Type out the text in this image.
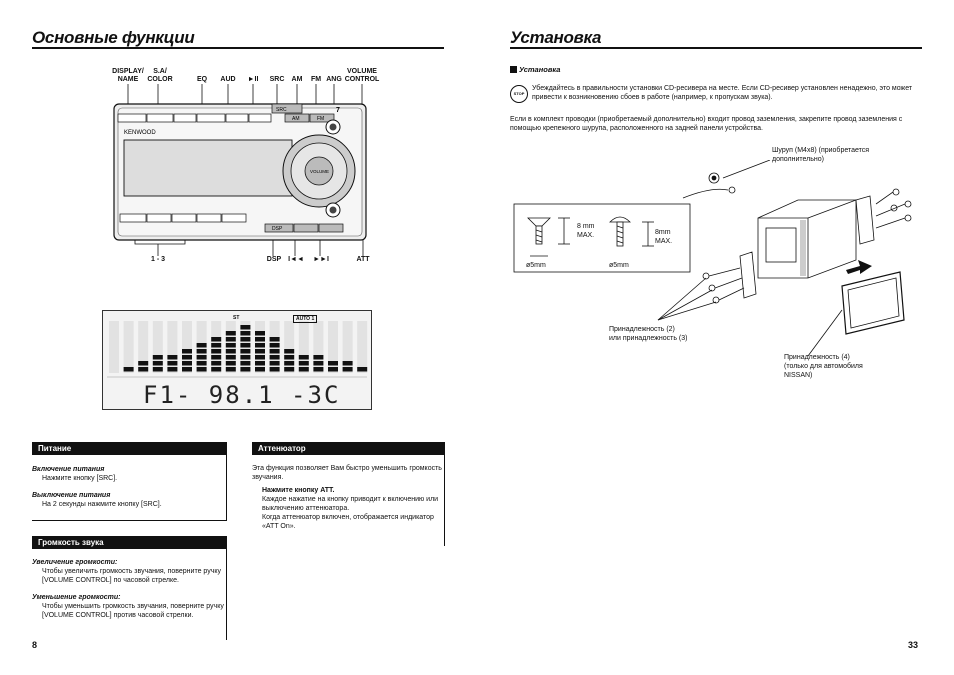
Основные функции
DISPLAY/
NAME
S.A/
COLOR	EQ	AUD	►II	SRC	AM	FM ANG
VOLUME
CONTROL
1 - 3	DSP I◄◄ ►►I	ATT
SRC
AM	FM
7
KENWOOD
VOLUME
DSP
ST	AUTO 1
F1- 98.1 -3C
Питание
Включение питания
Нажмите кнопку [SRC].
Выключение питания
На 2 секунды нажмите кнопку [SRC].
Громкость звука
Увеличение громкости:
Чтобы увеличить громкость звучания, поверните ручку [VOLUME CONTROL] по часовой стрелке.
Уменьшение громкости:
Чтобы уменьшить громкость звучания, поверните ручку [VOLUME CONTROL] против часовой стрелки.
Аттенюатор
Эта функция позволяет Вам быстро уменьшить громкость звучания.
Нажмите кнопку ATT.
Каждое нажатие на кнопку приводит к включению или выключению аттенюатора.
Когда аттенюатор включен, отображается индикатор «ATT On».
8
Установка
Установка
STOP
Убеждайтесь в правильности установки CD-ресивера на месте. Если CD-ресивер установлен ненадежно, это может привести к возникновению сбоев в работе (например, к пропускам звука).
Если в комплект проводки (приобретаемый дополнительно) входит провод заземления, закрепите провод заземления с помощью крепежного шурупа, расположенного на задней панели устройства.
Шуруп (M4x8) (приобретается дополнительно)
8 mm
MAX.
ø5mm
8mm
MAX.
ø5mm
Принадлежность (2)
или принадлежность (3)
Принадлежность (4)
(только для автомобиля
NISSAN)
33
